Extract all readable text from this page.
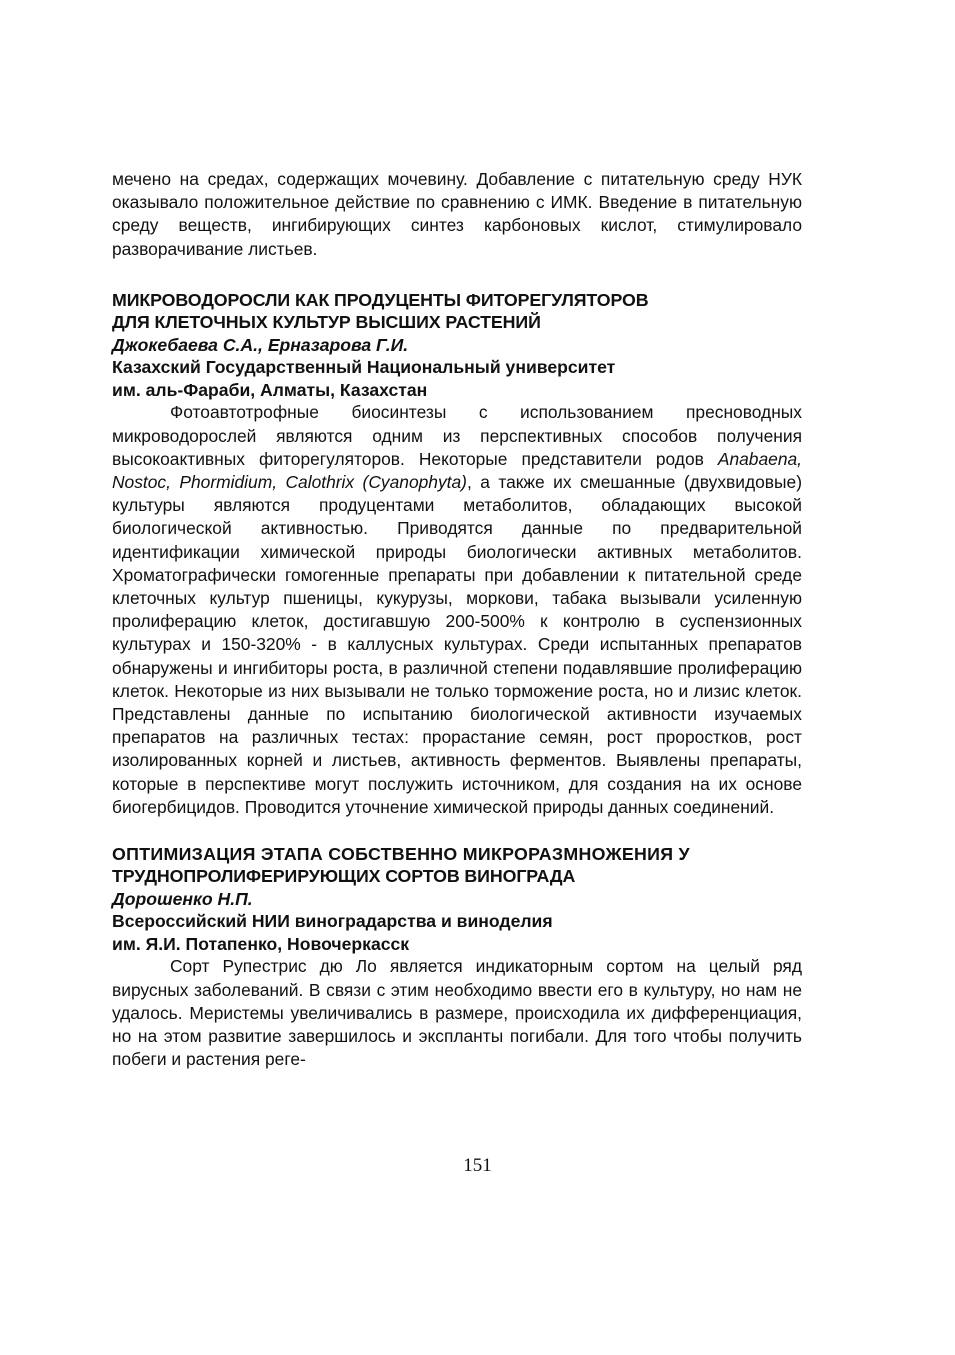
мечено на средах, содержащих мочевину. Добавление с питательную среду НУК оказывало положительное действие по сравнению с ИМК. Введение в питательную среду веществ, ингибирующих синтез карбоновых кислот, стимулировало разворачивание листьев.

МИКРОВОДОРОСЛИ КАК ПРОДУЦЕНТЫ ФИТОРЕГУЛЯТОРОВ

ДЛЯ КЛЕТОЧНЫХ КУЛЬТУР ВЫСШИХ РАСТЕНИЙ

Джокебаева С.А., Ерназарова Г.И.

Казахский Государственный Национальный университет

им. аль-Фараби, Алматы, Казахстан

Фотоавтотрофные биосинтезы с использованием пресноводных микроводорослей являются одним из перспективных способов получения высокоактивных фиторегуляторов. Некоторые представители родов Anabaena, Nostoc, Phormidium, Calothrix (Cyanophyta), а также их смешанные (двухвидовые) культуры являются продуцентами метаболитов, обладающих высокой биологической активностью. Приводятся данные по предварительной идентификации химической природы биологически активных метаболитов. Хроматографически гомогенные препараты при добавлении к питательной среде клеточных культур пшеницы, кукурузы, моркови, табака вызывали усиленную пролиферацию клеток, достигавшую 200-500% к контролю в суспензионных культурах и 150-320% - в каллусных культурах. Среди испытанных препаратов обнаружены и ингибиторы роста, в различной степени подавлявшие пролиферацию клеток. Некоторые из них вызывали не только торможение роста, но и лизис клеток. Представлены данные по испытанию биологической активности изучаемых препаратов на различных тестах: прорастание семян, рост проростков, рост изолированных корней и листьев, активность ферментов. Выявлены препараты, которые в перспективе могут послужить источником, для создания на их основе биогербицидов. Проводится уточнение химической природы данных соединений.

ОПТИМИЗАЦИЯ ЭТАПА СОБСТВЕННО МИКРОРАЗМНОЖЕНИЯ У

ТРУДНОПРОЛИФЕРИРУЮЩИХ СОРТОВ ВИНОГРАДА

Дорошенко Н.П.

Всероссийский НИИ виноградарства и виноделия

им. Я.И. Потапенко, Новочеркасск

Сорт Рупестрис дю Ло является индикаторным сортом на целый ряд вирусных заболеваний. В связи с этим необходимо ввести его в культуру, но нам не удалось. Меристемы увеличивались в размере, происходила их дифференциация, но на этом развитие завершилось и экспланты погибали. Для того чтобы получить побеги и растения реге-

151
